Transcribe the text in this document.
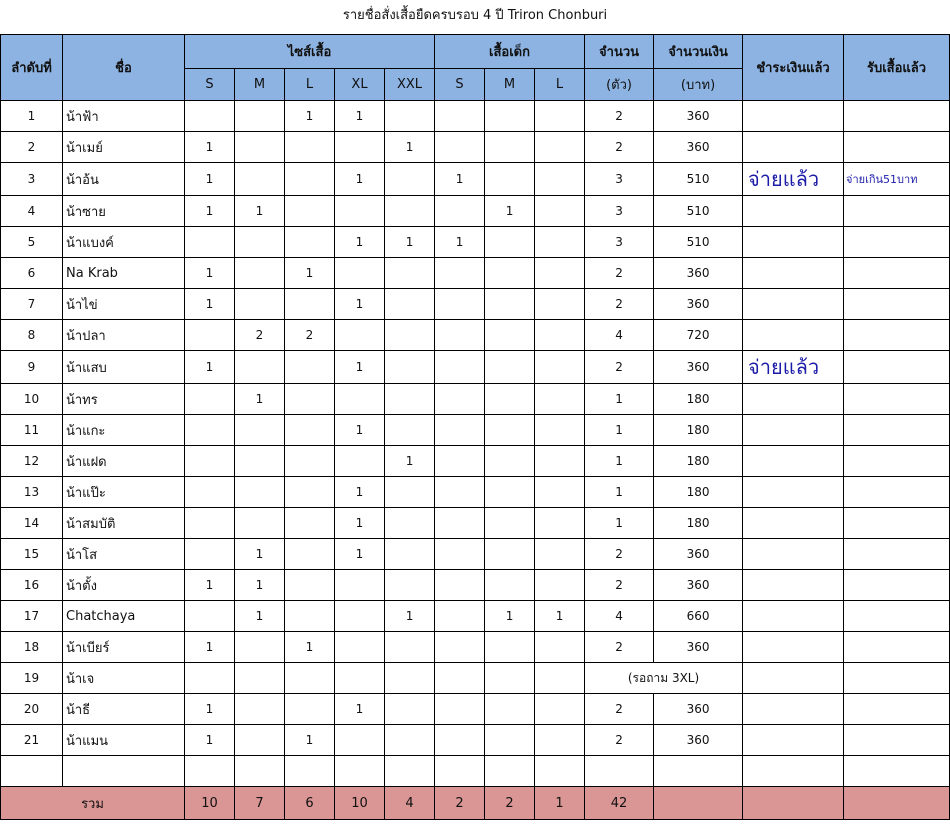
รายชื่อสั่งเสื้อยืดครบรอบ 4 ปี Triron Chonburi
ลำดับที่	ชื่อ	ไซส์เสื้อ					เสื้อเด็ก			จำนวน	จำนวนเงิน	ชำระเงินแล้ว	รับเสื้อแล้ว
		S	M	L	XL	XXL	S	M	L	(ตัว)	(บาท)		
1	น้าฟ้า			1	1					2	360		
2	น้าเมย์	1				1				2	360		
3	น้าอ้น	1			1		1			3	510	จ่ายแล้ว	จ่ายเกิน51บาท
4	น้าซาย	1	1					1		3	510		
5	น้าแบงค์				1	1	1			3	510		
6	Na Krab	1		1						2	360		
7	น้าไข่	1			1					2	360		
8	น้าปลา		2	2						4	720		
9	น้าแสบ	1			1					2	360	จ่ายแล้ว	
10	น้าทร		1							1	180		
11	น้าแกะ				1					1	180		
12	น้าแฝด					1				1	180		
13	น้าแป๊ะ				1					1	180		
14	น้าสมบัติ				1					1	180		
15	น้าโส		1		1					2	360		
16	น้าตั้ง	1	1							2	360		
17	Chatchaya		1			1		1	1	4	660		
18	น้าเบียร์	1		1						2	360		
19	น้าเจ									(รอถาม 3XL)			
20	น้าธี	1			1					2	360		
21	น้าแมน	1		1						2	360		

รวม		10	7	6	10	4	2	2	1	42			
